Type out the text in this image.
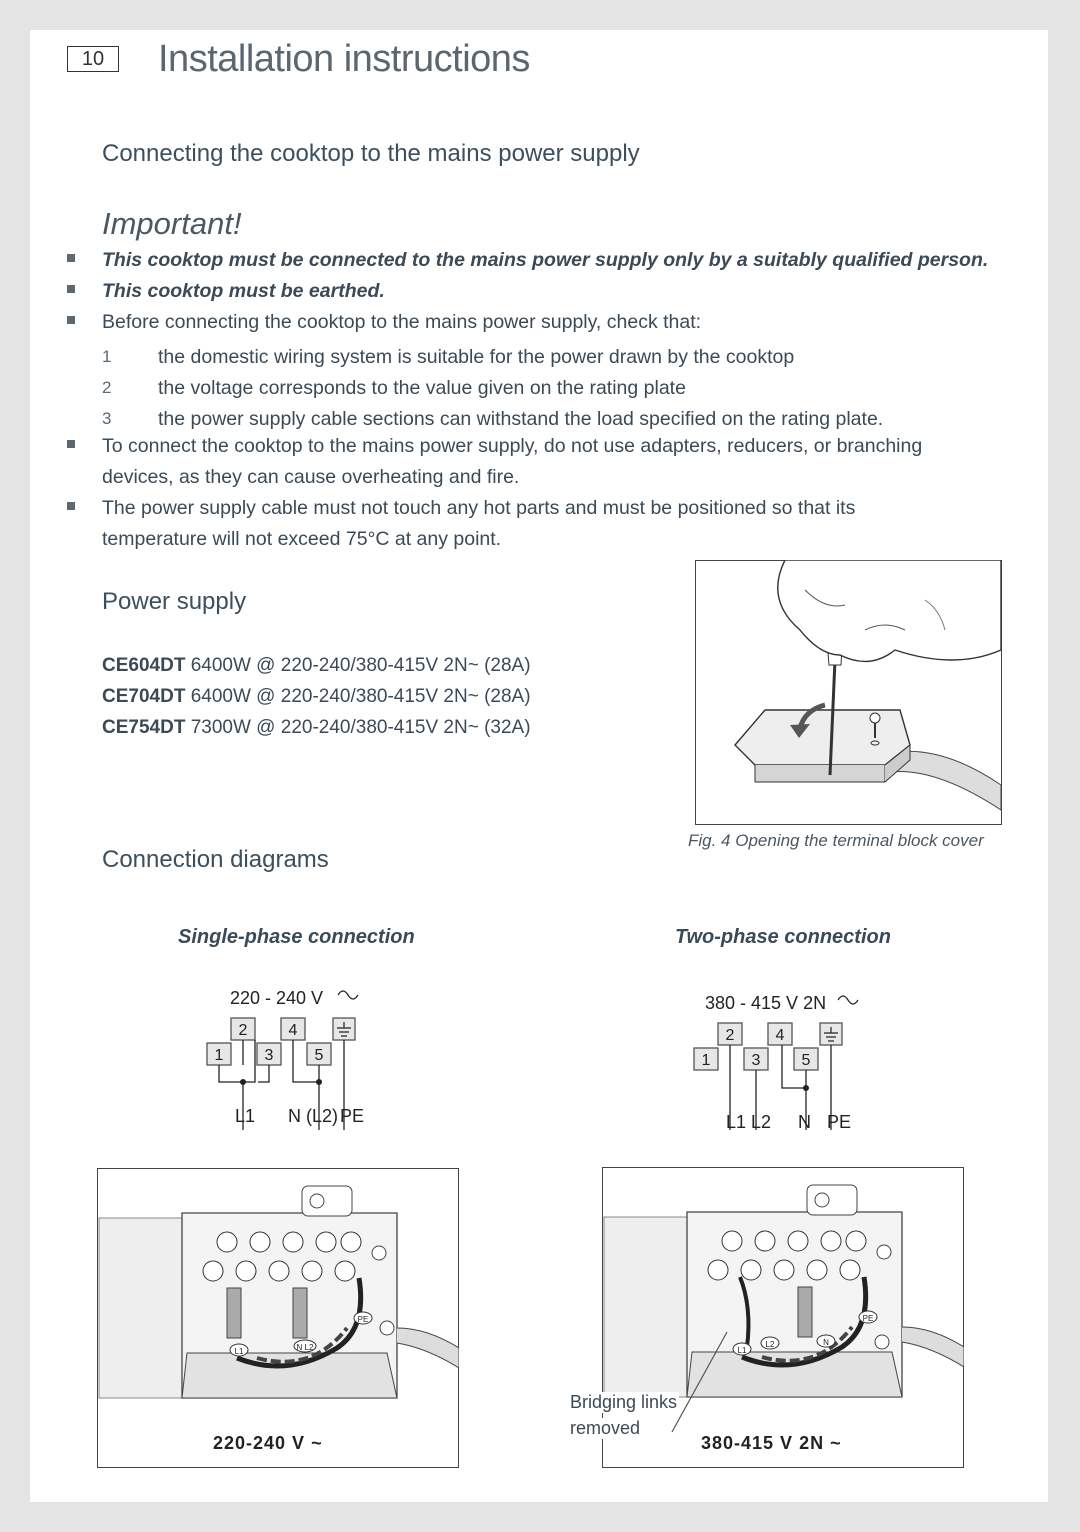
10	Installation instructions
Connecting the cooktop to the mains power supply
Important!
This cooktop must be connected to the mains power supply only by a suitably qualified person.
This cooktop must be earthed.
Before connecting the cooktop to the mains power supply, check that:
1 the domestic wiring system is suitable for the power drawn by the cooktop
2 the voltage corresponds to the value given on the rating plate
3 the power supply cable sections can withstand the load specified on the rating plate.
To connect the cooktop to the mains power supply, do not use adapters, reducers, or branching
devices, as they can cause overheating and fire.
The power supply cable must not touch any hot parts and must be positioned so that its
temperature will not exceed 75°C at any point.
Power supply
CE604DT 6400W @ 220-240/380-415V 2N~ (28A)
CE704DT 6400W @ 220-240/380-415V 2N~ (28A)
CE754DT 7300W @ 220-240/380-415V 2N~ (32A)
Fig. 4 Opening the terminal block cover
Connection diagrams
Single-phase connection	Two-phase connection
220 - 240 V
2	4
1	3	5
L1 N (L2) PE
380 - 415 V 2N
2	4
1	3	5
L1 L2 N PE
L1	N L2
PE
220-240 V ~
L1
L2	N
PE
Bridging links
removed
380-415 V 2N ~
